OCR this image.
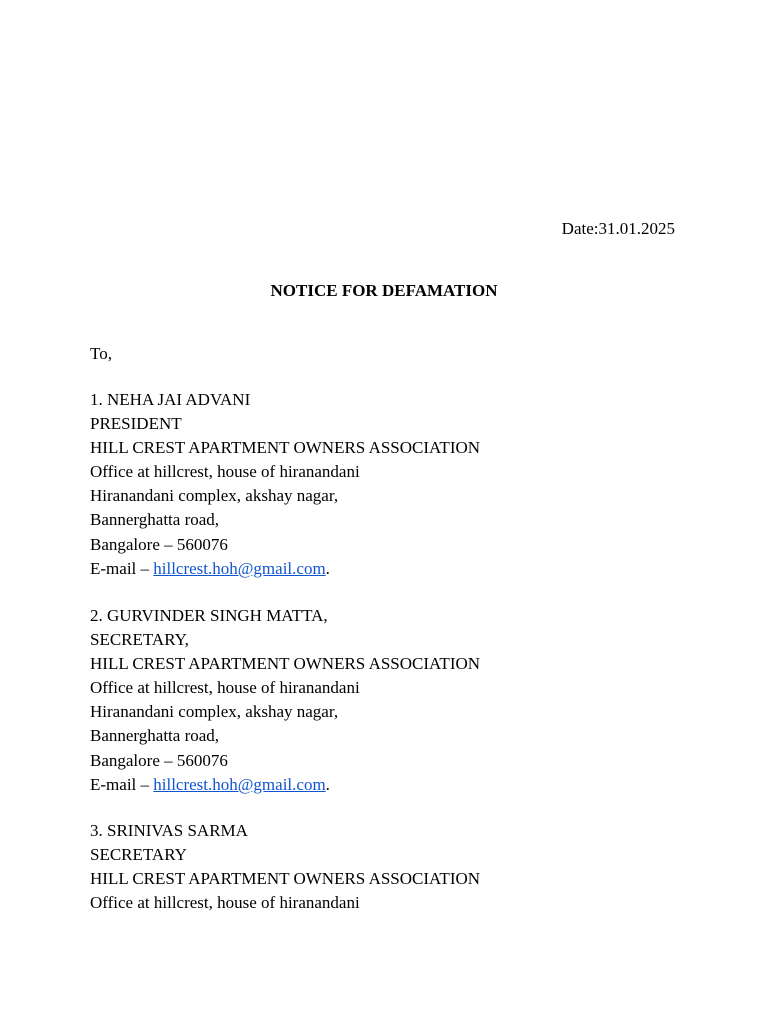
Date:31.01.2025
NOTICE FOR DEFAMATION
To,
1. NEHA JAI ADVANI
PRESIDENT
HILL CREST APARTMENT OWNERS ASSOCIATION
Office at hillcrest, house of hiranandani
Hiranandani complex, akshay nagar,
Bannerghatta road,
Bangalore – 560076
E-mail – hillcrest.hoh@gmail.com.
2. GURVINDER SINGH MATTA,
SECRETARY,
HILL CREST APARTMENT OWNERS ASSOCIATION
Office at hillcrest, house of hiranandani
Hiranandani complex, akshay nagar,
Bannerghatta road,
Bangalore – 560076
E-mail – hillcrest.hoh@gmail.com.
3. SRINIVAS SARMA
SECRETARY
HILL CREST APARTMENT OWNERS ASSOCIATION
Office at hillcrest, house of hiranandani
